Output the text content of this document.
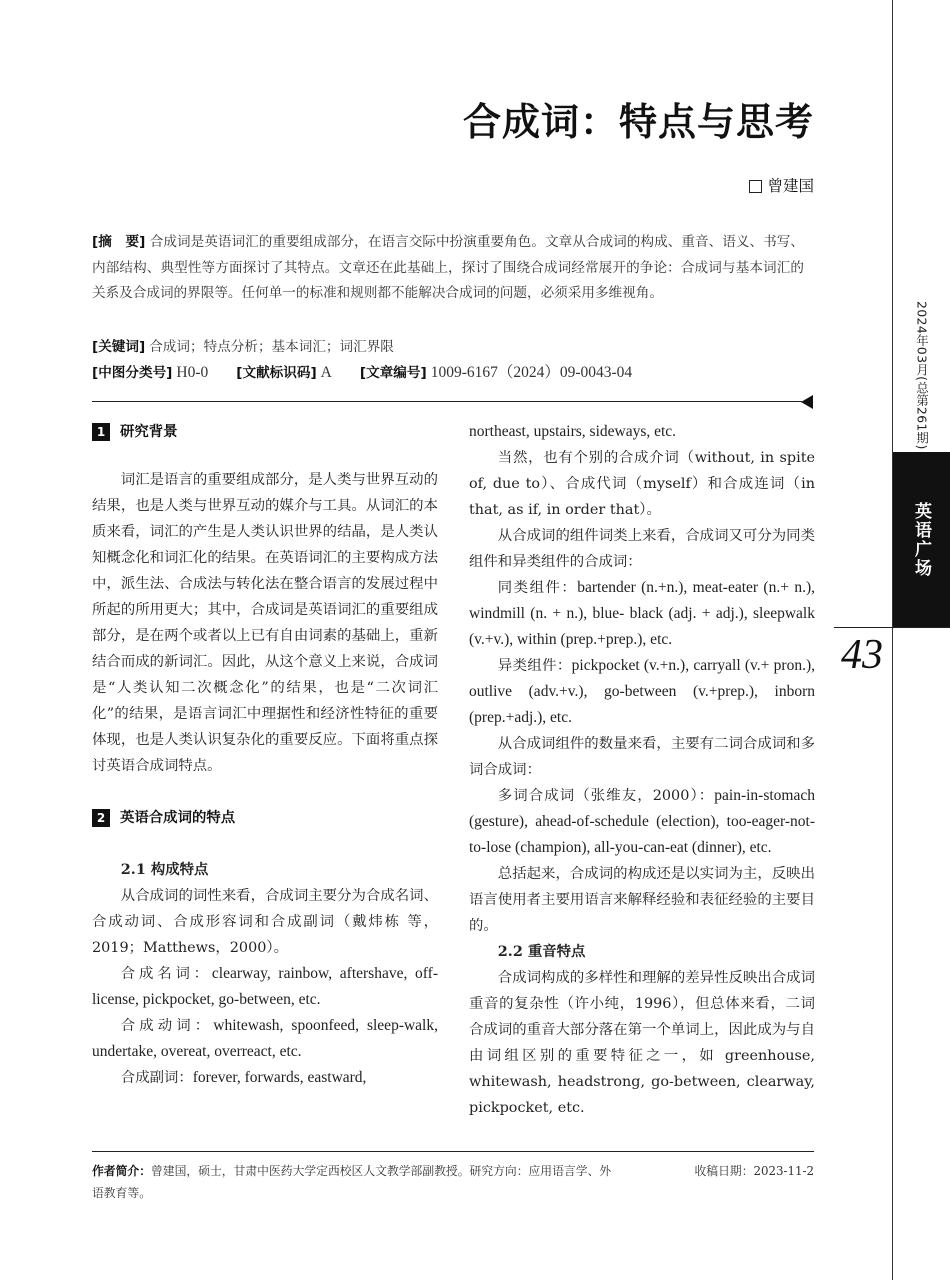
2024年03月(总第261期)
英语广场
43
合成词：特点与思考
曾建国
[摘　要] 合成词是英语词汇的重要组成部分，在语言交际中扮演重要角色。文章从合成词的构成、重音、语义、书写、内部结构、典型性等方面探讨了其特点。文章还在此基础上，探讨了围绕合成词经常展开的争论：合成词与基本词汇的关系及合成词的界限等。任何单一的标准和规则都不能解决合成词的问题，必须采用多维视角。
[关键词] 合成词；特点分析；基本词汇；词汇界限
[中图分类号] H0-0 [文献标识码] A [文章编号] 1009-6167（2024）09-0043-04
1	研究背景

词汇是语言的重要组成部分，是人类与世界互动的结果，也是人类与世界互动的媒介与工具。从词汇的本质来看，词汇的产生是人类认识世界的结晶，是人类认知概念化和词汇化的结果。在英语词汇的主要构成方法中，派生法、合成法与转化法在整合语言的发展过程中所起的所用更大；其中，合成词是英语词汇的重要组成部分，是在两个或者以上已有自由词素的基础上，重新结合而成的新词汇。因此，从这个意义上来说，合成词是“人类认知二次概念化”的结果，也是“二次词汇化”的结果，是语言词汇中理据性和经济性特征的重要体现，也是人类认识复杂化的重要反应。下面将重点探讨英语合成词特点。

2	英语合成词的特点

2.1 构成特点

从合成词的词性来看，合成词主要分为合成名词、合成动词、合成形容词和合成副词（戴炜栋 等，2019；Matthews，2000）。

合成名词：clearway, rainbow, aftershave, off-license, pickpocket, go-between, etc.

合成动词：whitewash, spoonfeed, sleep-walk, undertake, overeat, overreact, etc.

合成副词：forever, forwards, eastward,

northeast, upstairs, sideways, etc.

当然，也有个别的合成介词（without, in spite of, due to）、合成代词（myself）和合成连词（in that, as if, in order that）。

从合成词的组件词类上来看，合成词又可分为同类组件和异类组件的合成词：

同类组件：bartender (n.+n.), meat-eater (n.+ n.), windmill (n. + n.), blue- black (adj. + adj.), sleepwalk (v.+v.), within (prep.+prep.), etc.

异类组件：pickpocket (v.+n.), carryall (v.+ pron.), outlive (adv.+v.), go-between (v.+prep.), inborn (prep.+adj.), etc.

从合成词组件的数量来看，主要有二词合成词和多词合成词：

多词合成词（张维友，2000）：pain-in-stomach (gesture), ahead-of-schedule (election), too-eager-not-to-lose (champion), all-you-can-eat (dinner), etc.

总括起来，合成词的构成还是以实词为主，反映出语言使用者主要用语言来解释经验和表征经验的主要目的。

2.2 重音特点

合成词构成的多样性和理解的差异性反映出合成词重音的复杂性（许小纯，1996），但总体来看，二词合成词的重音大部分落在第一个单词上，因此成为与自由词组区别的重要特征之一，如 greenhouse, whitewash, headstrong, go-between, clearway, pickpocket, etc.

作者简介：曾建国，硕士，甘肃中医药大学定西校区人文教学部副教授。研究方向：应用语言学、外语教育等。
收稿日期：2023-11-2
